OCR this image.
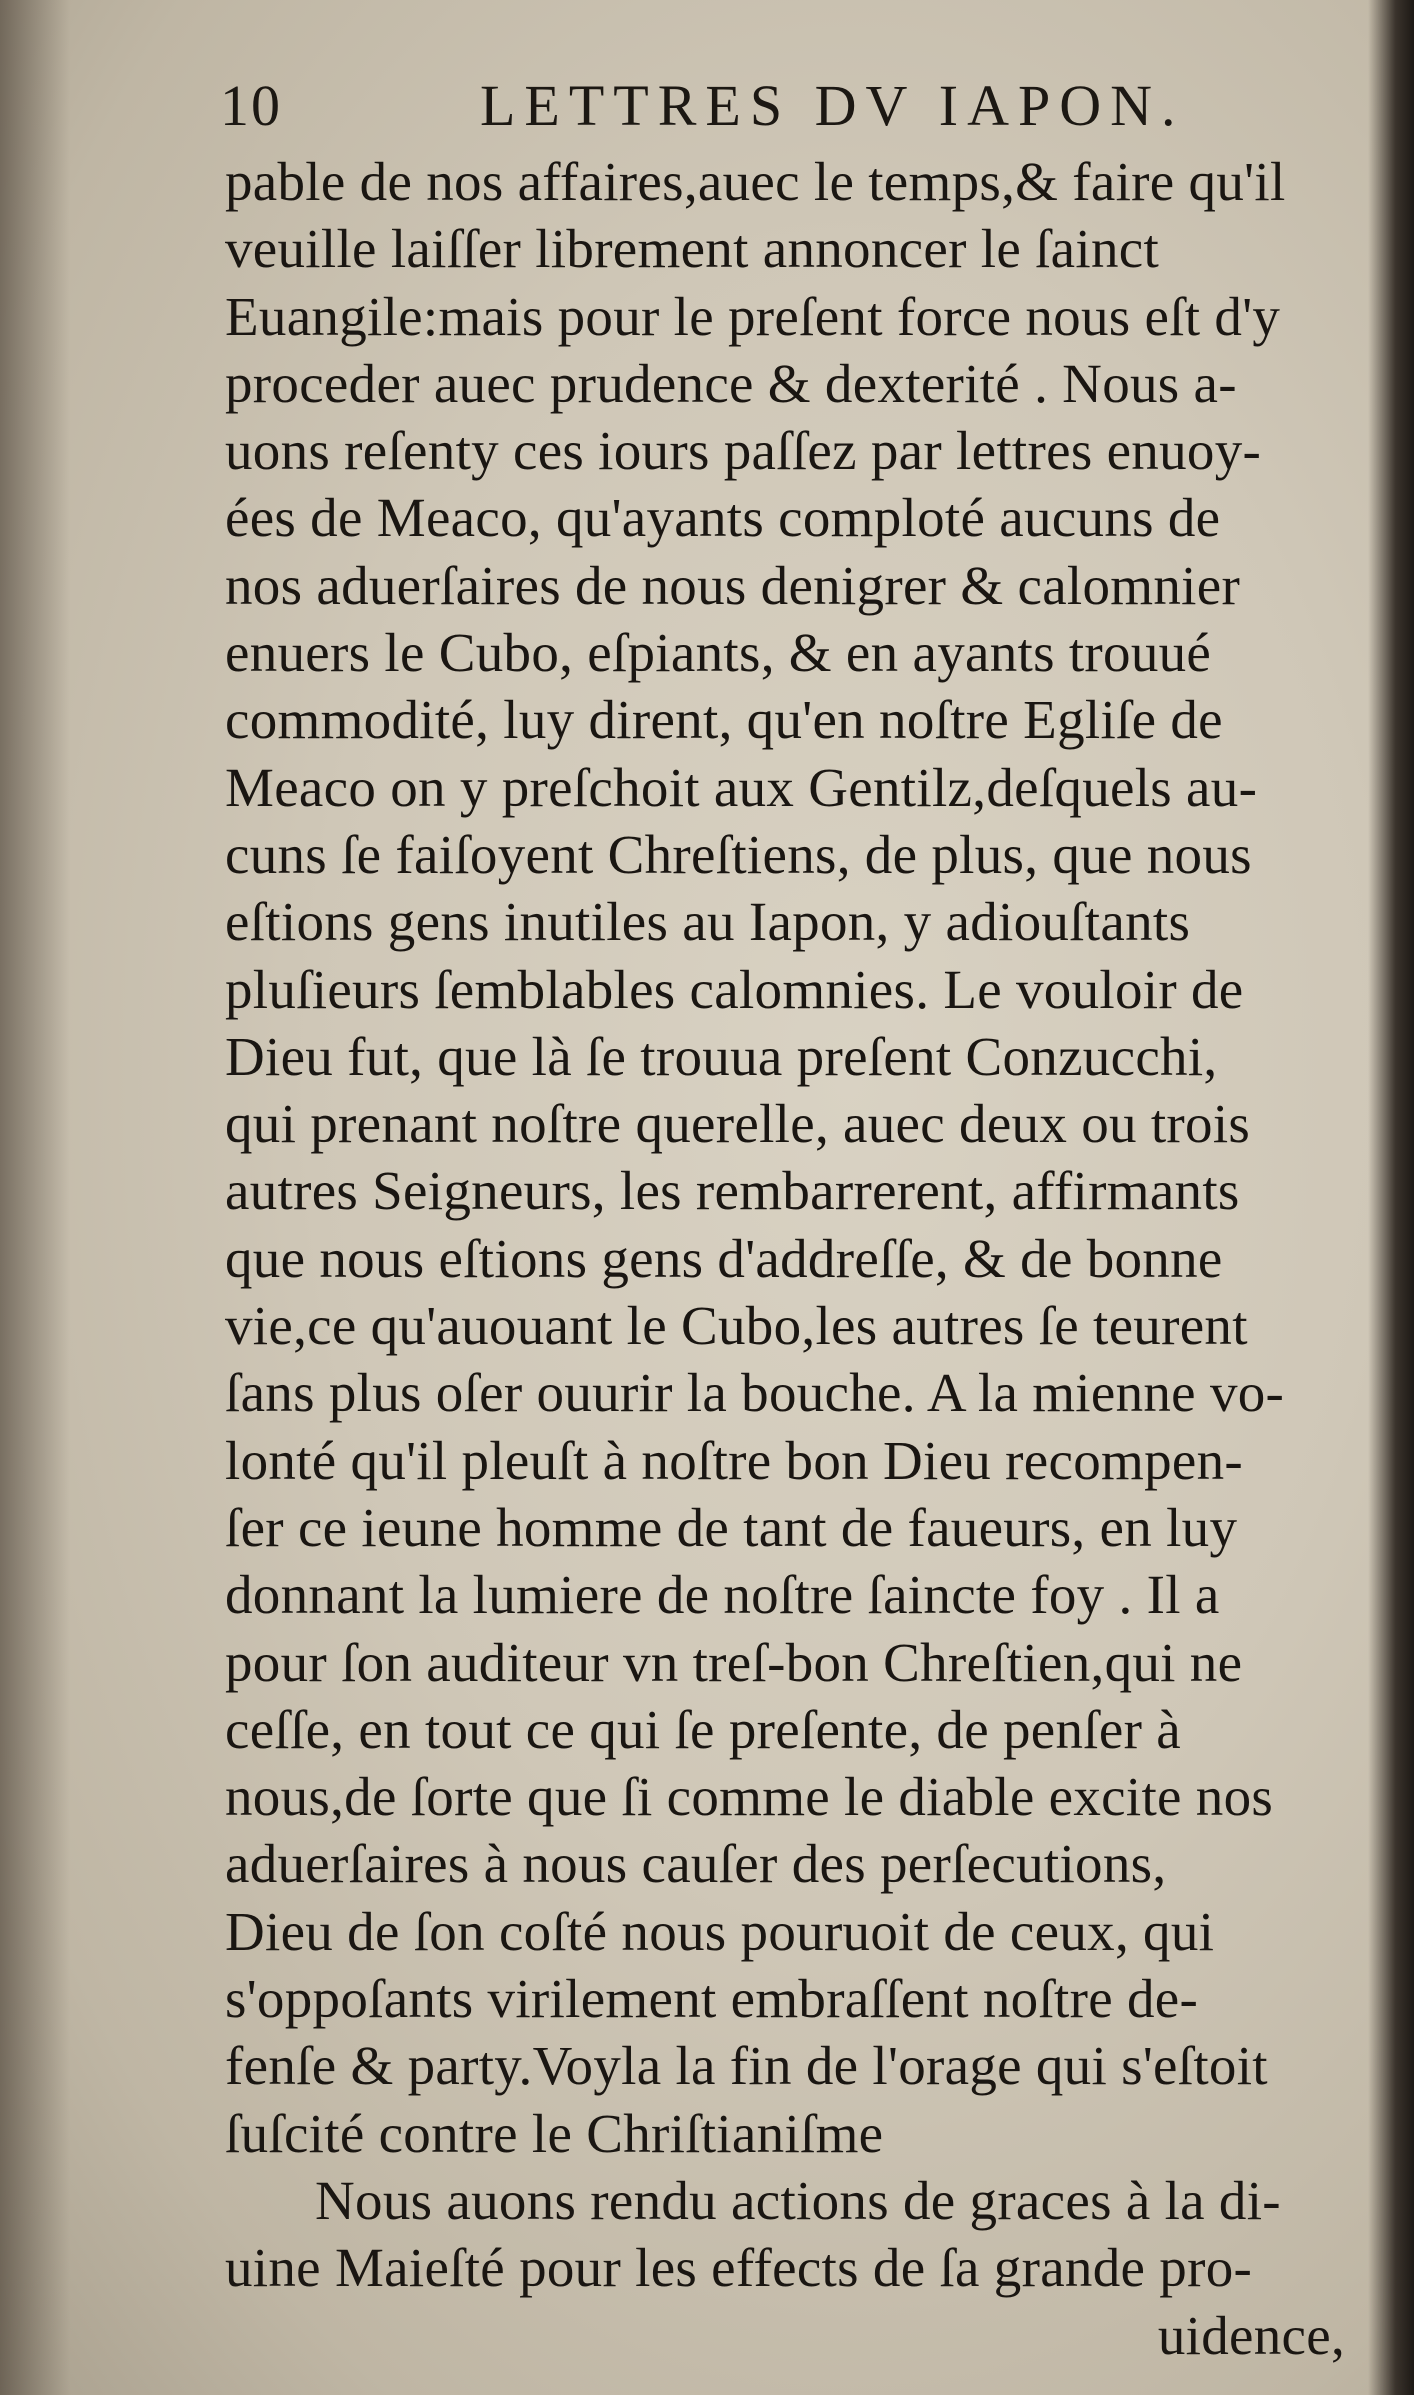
10	LETTRES DV IAPON.
pable de nos affaires,auec le temps,& faire qu'il
veuille laiſſer librement annoncer le ſainct
Euangile:mais pour le preſent force nous eſt d'y
proceder auec prudence & dexterité . Nous a-
uons reſenty ces iours paſſez par lettres enuoy-
ées de Meaco, qu'ayants comploté aucuns de
nos aduerſaires de nous denigrer & calomnier
enuers le Cubo, eſpiants, & en ayants trouué
commodité, luy dirent, qu'en noſtre Egliſe de
Meaco on y preſchoit aux Gentilz,deſquels au-
cuns ſe faiſoyent Chreſtiens, de plus, que nous
eſtions gens inutiles au Iapon, y adiouſtants
pluſieurs ſemblables calomnies. Le vouloir de
Dieu fut, que là ſe trouua preſent Conzucchi,
qui prenant noſtre querelle, auec deux ou trois
autres Seigneurs, les rembarrerent, affirmants
que nous eſtions gens d'addreſſe, & de bonne
vie,ce qu'auouant le Cubo,les autres ſe teurent
ſans plus oſer ouurir la bouche. A la mienne vo-
lonté qu'il pleuſt à noſtre bon Dieu recompen-
ſer ce ieune homme de tant de faueurs, en luy
donnant la lumiere de noſtre ſaincte foy . Il a
pour ſon auditeur vn treſ-bon Chreſtien,qui ne
ceſſe, en tout ce qui ſe preſente, de penſer à
nous,de ſorte que ſi comme le diable excite nos
aduerſaires à nous cauſer des perſecutions,
Dieu de ſon coſté nous pouruoit de ceux, qui
s'oppoſants virilement embraſſent noſtre de-
fenſe & party.Voyla la fin de l'orage qui s'eſtoit
ſuſcité contre le Chriſtianiſme
Nous auons rendu actions de graces à la di-
uine Maieſté pour les effects de ſa grande pro-
uidence,
